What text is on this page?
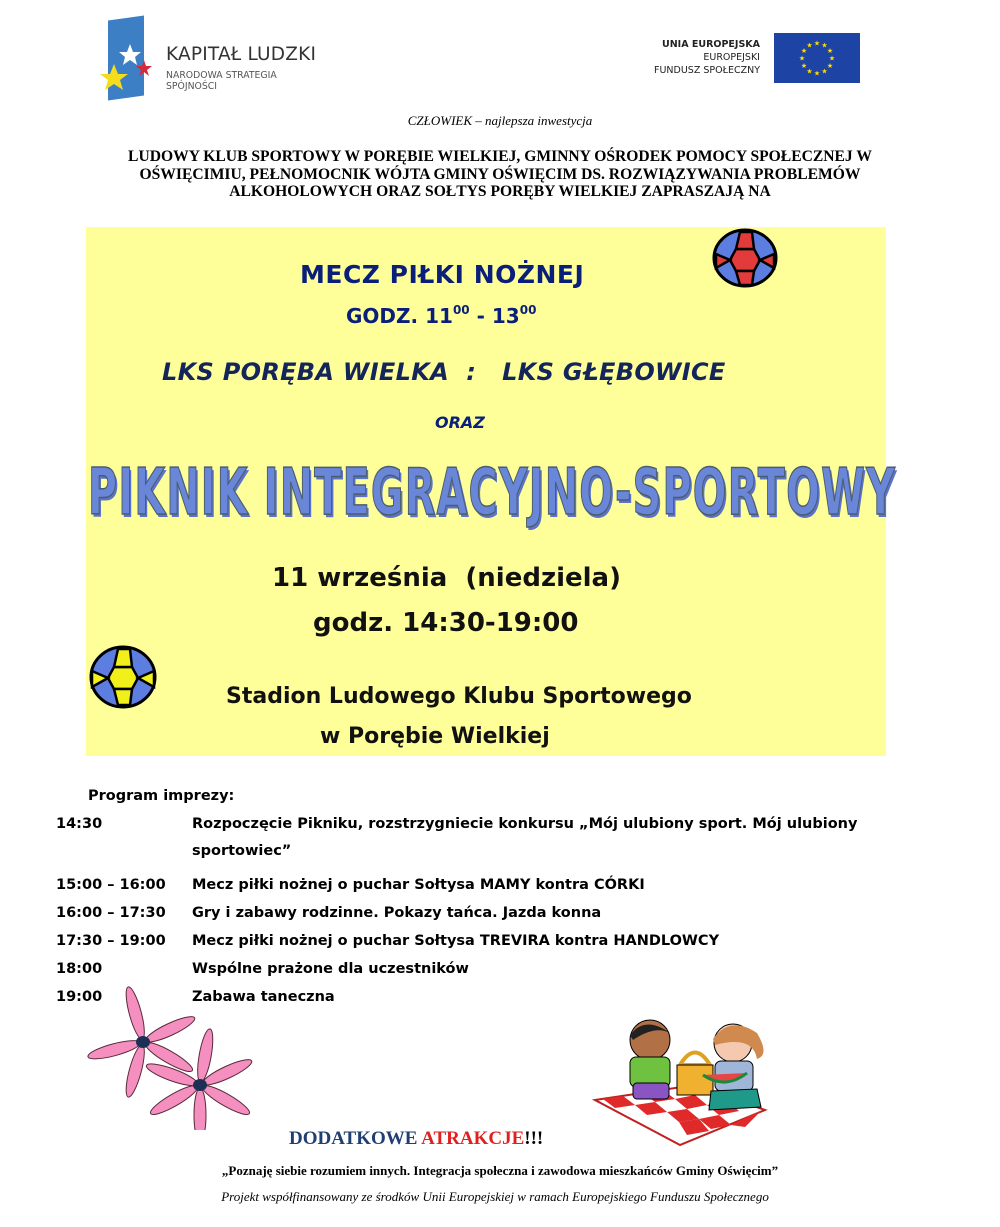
KAPITAŁ LUDZKI
NARODOWA STRATEGIA SPÓJNOŚCI
UNIA EUROPEJSKA
EUROPEJSKI
FUNDUSZ SPOŁECZNY
★ ★
★
★
★
★
★
★
★
★
★
★
CZŁOWIEK – najlepsza inwestycja
LUDOWY KLUB SPORTOWY W PORĘBIE WIELKIEJ, GMINNY OŚRODEK POMOCY SPOŁECZNEJ W OŚWIĘCIMIU, PEŁNOMOCNIK WÓJTA GMINY OŚWIĘCIM DS. ROZWIĄZYWANIA PROBLEMÓW ALKOHOLOWYCH ORAZ SOŁTYS PORĘBY WIELKIEJ ZAPRASZAJĄ NA
MECZ PIŁKI NOŻNEJ
GODZ. $11^{00} - 13^{00}$
LKS PORĘBA WIELKA  :   LKS GŁĘBOWICE
ORAZ
PIKNIK INTEGRACYJNO-SPORTOWY
11 września  (niedziela)
godz. 14:30-19:00
Stadion Ludowego Klubu Sportowego
w Porębie Wielkiej
Program imprezy:
14:30	Rozpoczęcie Pikniku, rozstrzygniecie konkursu „Mój ulubiony sport. Mój ulubiony
sportowiec”
15:00 – 16:00 Mecz piłki nożnej o puchar Sołtysa MAMY kontra CÓRKI
16:00 – 17:30 Gry i zabawy rodzinne. Pokazy tańca. Jazda konna
17:30 – 19:00 Mecz piłki nożnej o puchar Sołtysa TREVIRA kontra HANDLOWCY
18:00	Wspólne prażone dla uczestników
19:00	Zabawa taneczna
DODATKOWE ATRAKCJE!!!
„Poznaję siebie rozumiem innych. Integracja społeczna i zawodowa mieszkańców Gminy Oświęcim”
Projekt współfinansowany ze środków Unii Europejskiej w ramach Europejskiego Funduszu Społecznego
